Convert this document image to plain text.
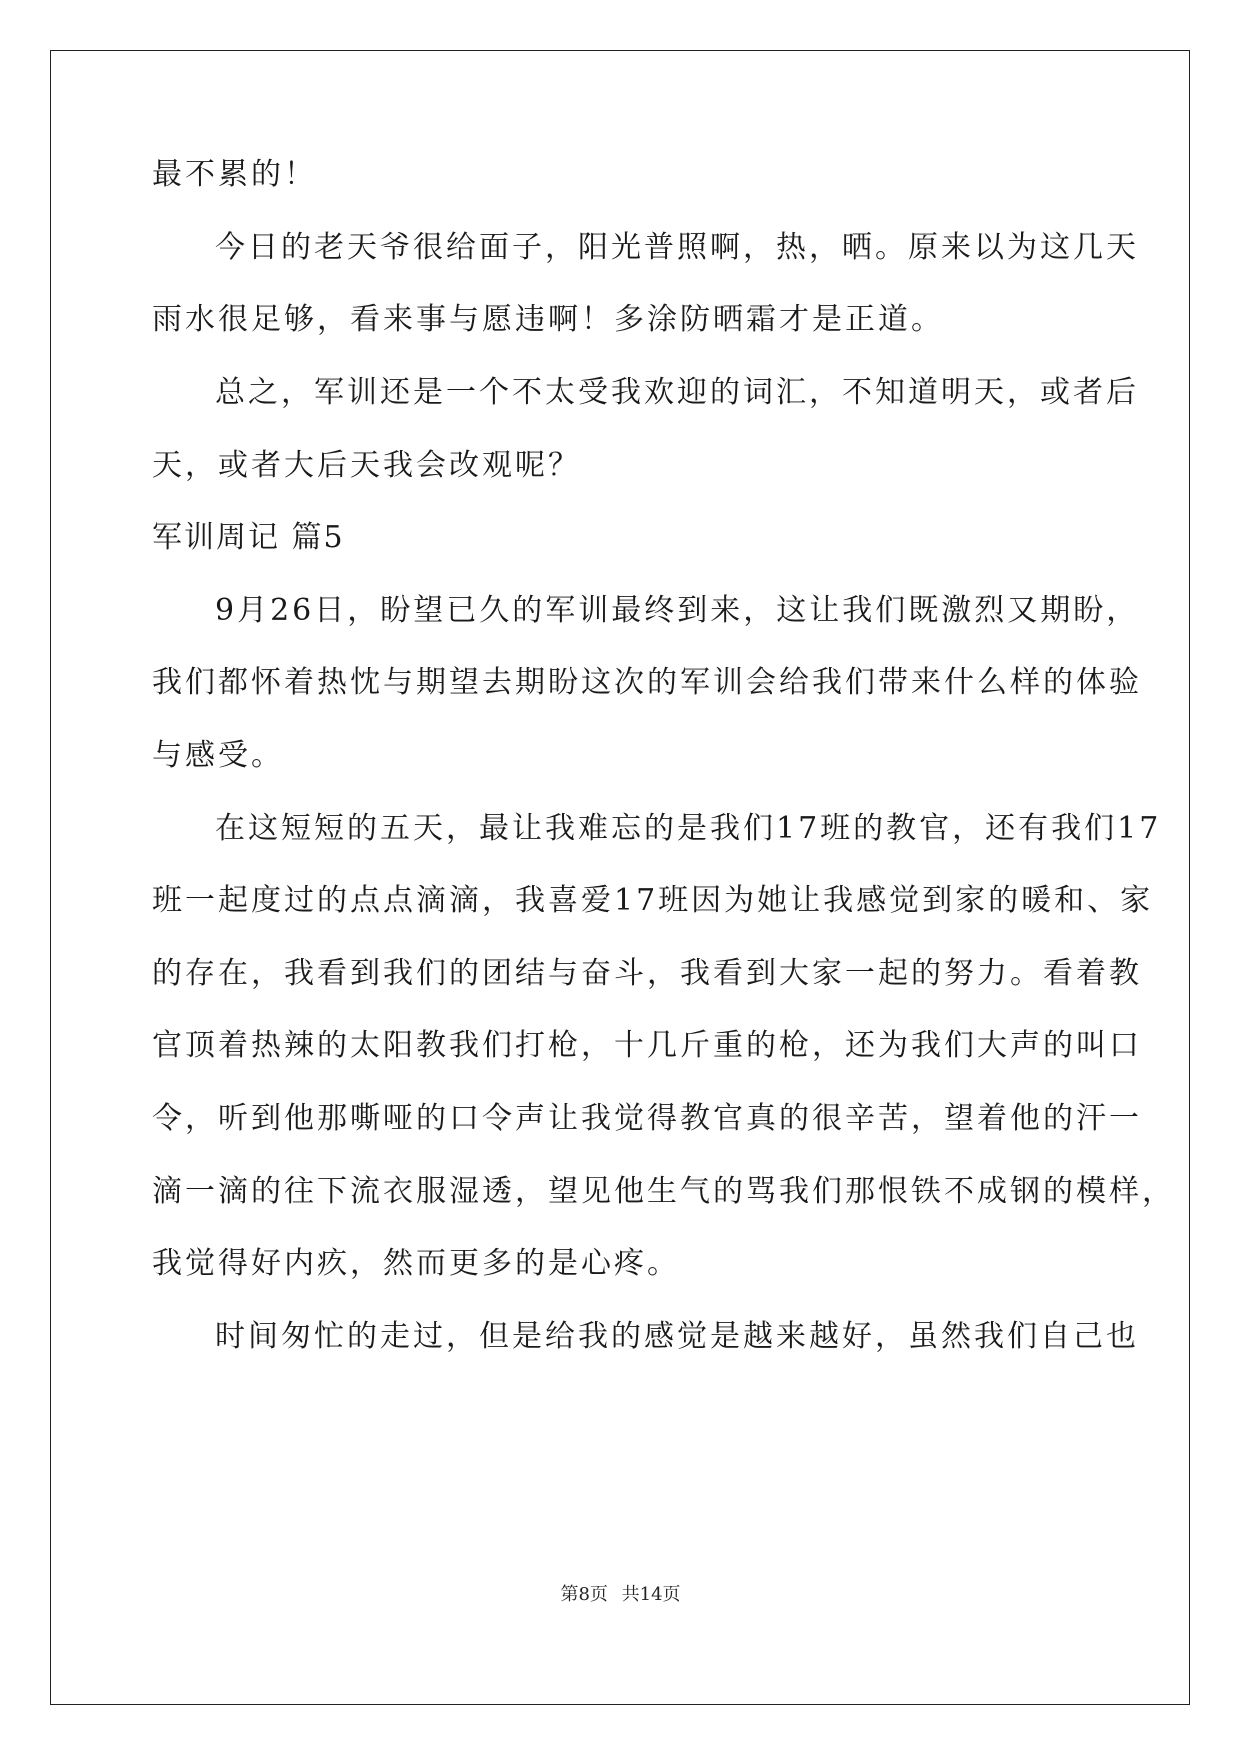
最不累的！
今日的老天爷很给面子，阳光普照啊，热，晒。原来以为这几天
雨水很足够，看来事与愿违啊！多涂防晒霜才是正道。
总之，军训还是一个不太受我欢迎的词汇，不知道明天，或者后
天，或者大后天我会改观呢？
军训周记 篇5
9月26日，盼望已久的军训最终到来，这让我们既激烈又期盼，
我们都怀着热忱与期望去期盼这次的军训会给我们带来什么样的体验
与感受。
在这短短的五天，最让我难忘的是我们17班的教官，还有我们17
班一起度过的点点滴滴，我喜爱17班因为她让我感觉到家的暖和、家
的存在，我看到我们的团结与奋斗，我看到大家一起的努力。看着教
官顶着热辣的太阳教我们打枪，十几斤重的枪，还为我们大声的叫口
令，听到他那嘶哑的口令声让我觉得教官真的很辛苦，望着他的汗一
滴一滴的往下流衣服湿透，望见他生气的骂我们那恨铁不成钢的模样，
我觉得好内疚，然而更多的是心疼。
时间匆忙的走过，但是给我的感觉是越来越好，虽然我们自己也
第8页 共14页
